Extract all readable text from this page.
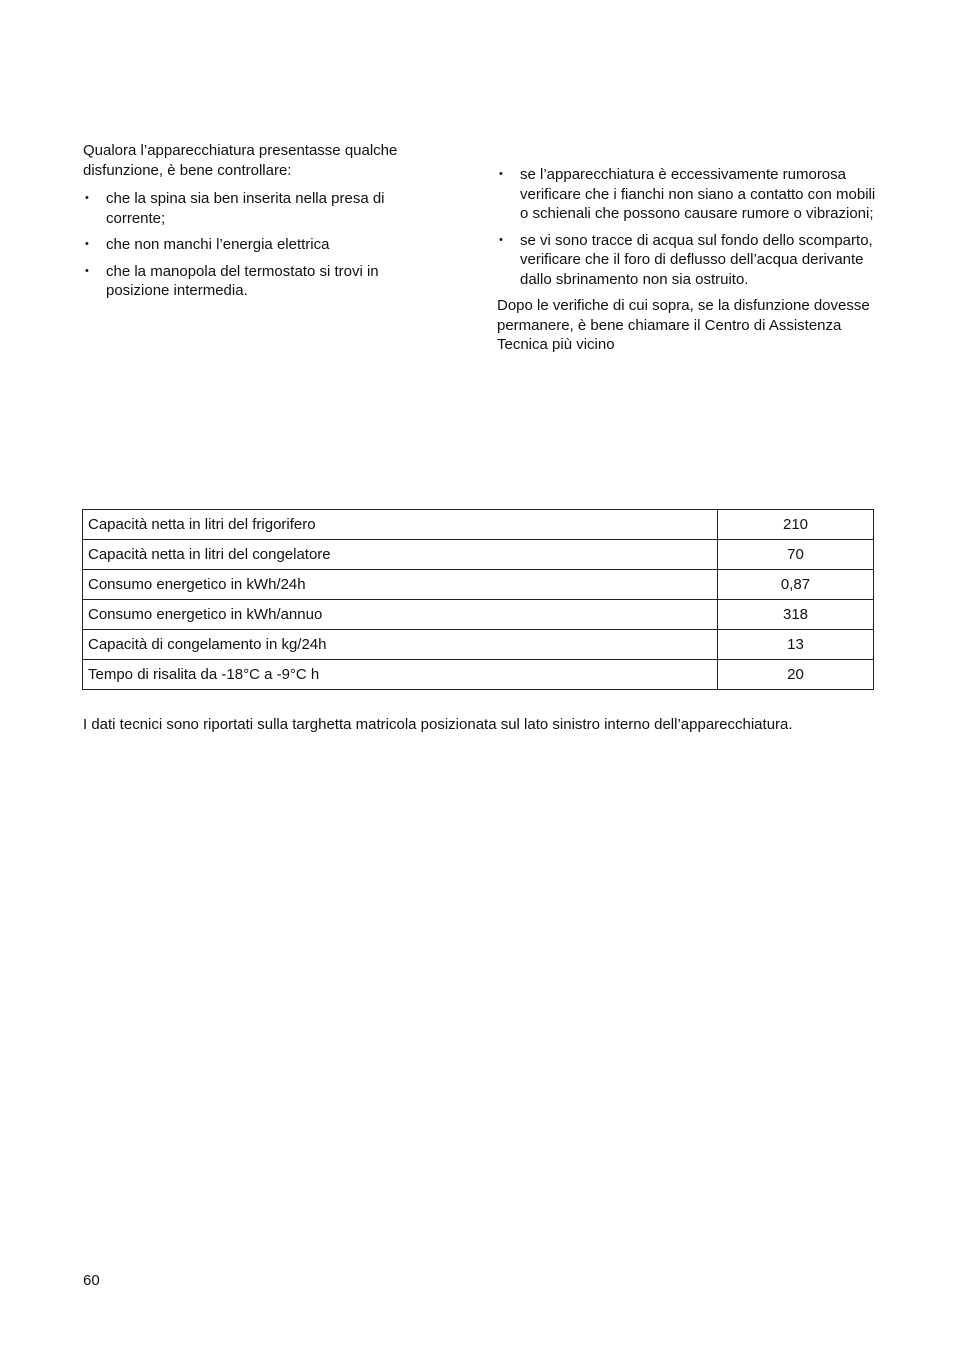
Qualora l’apparecchiatura presentasse qualche disfunzione, è bene controllare:

• che la spina sia ben inserita nella presa di corrente;
• che non manchi l’energia elettrica
• che la manopola del termostato si trovi in posizione intermedia.
• se l’apparecchiatura è eccessivamente rumorosa verificare che i fianchi non siano a contatto con mobili o schienali che possono causare rumore o vibrazioni;
• se vi sono tracce di acqua sul fondo dello scomparto, verificare che il foro di deflusso dell’acqua derivante dallo sbrinamento non sia ostruito.

Dopo le verifiche di cui sopra, se la disfunzione dovesse permanere, è bene chiamare il Centro di Assistenza Tecnica più vicino

Capacità netta in litri del frigorifero	210
Capacità netta in litri del congelatore	70
Consumo energetico in kWh/24h	0,87
Consumo energetico in kWh/annuo	318
Capacità di congelamento in kg/24h	13
Tempo di risalita da -18°C a -9°C h	20

I dati tecnici sono riportati sulla targhetta matricola posizionata sul lato sinistro interno dell’apparecchiatura.

60
